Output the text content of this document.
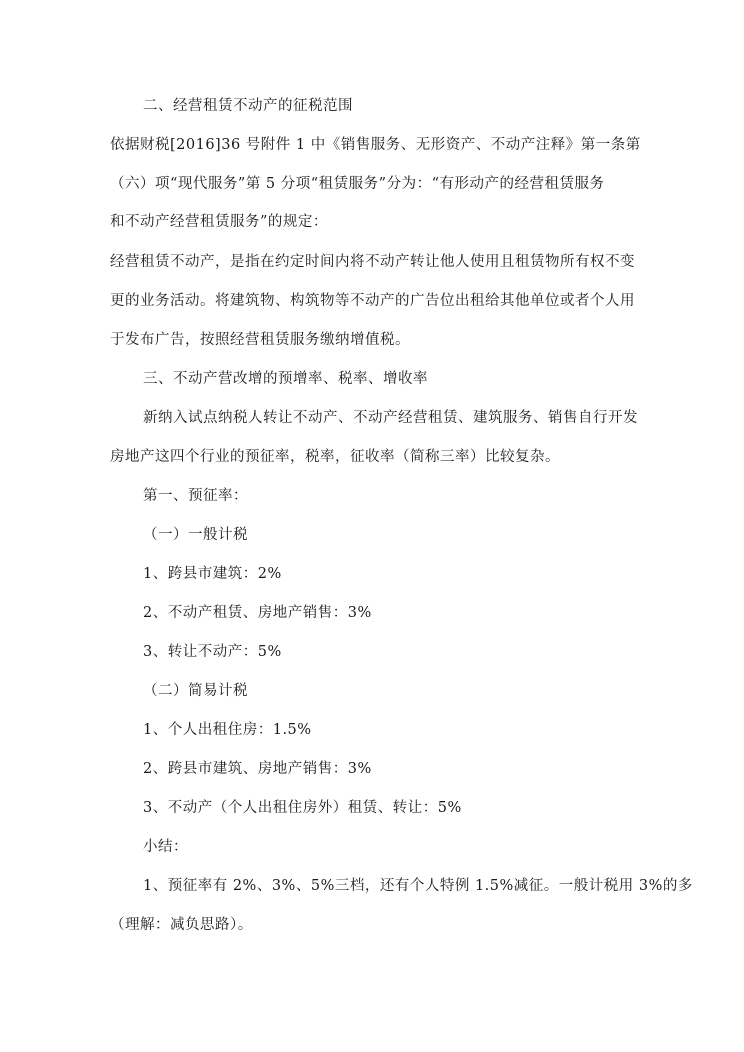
二、经营租赁不动产的征税范围
依据财税[2016]36 号附件 1 中《销售服务、无形资产、不动产注释》第一条第
（六）项“现代服务”第 5 分项“租赁服务”分为：“有形动产的经营租赁服务
和不动产经营租赁服务”的规定：
经营租赁不动产，是指在约定时间内将不动产转让他人使用且租赁物所有权不变
更的业务活动。将建筑物、构筑物等不动产的广告位出租给其他单位或者个人用
于发布广告，按照经营租赁服务缴纳增值税。
三、不动产营改增的预增率、税率、增收率
新纳入试点纳税人转让不动产、不动产经营租赁、建筑服务、销售自行开发
房地产这四个行业的预征率，税率，征收率（简称三率）比较复杂。
第一、预征率：
（一）一般计税
1、跨县市建筑：2%
2、不动产租赁、房地产销售：3%
3、转让不动产：5%
（二）简易计税
1、个人出租住房：1.5%
2、跨县市建筑、房地产销售：3%
3、不动产（个人出租住房外）租赁、转让：5%
小结：
1、预征率有 2%、3%、5%三档，还有个人特例 1.5%减征。一般计税用 3%的多
（理解：减负思路）。
